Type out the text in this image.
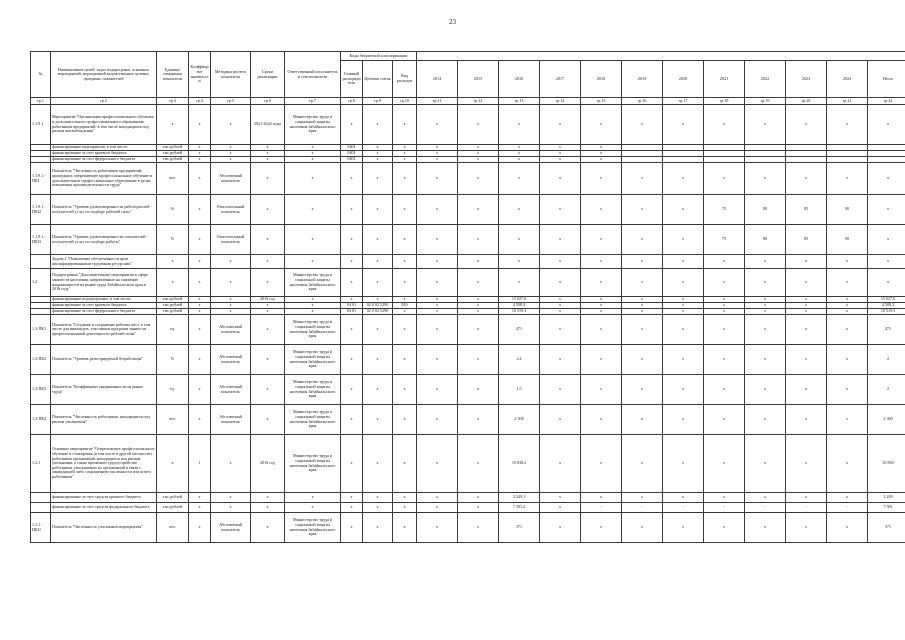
23
№	Наименование целей, задач подпрограмм, основных мероприятий, мероприятий ведомственных целевых программ, показателей	Единица измерения показателя	Коэффициент значимости	Методика расчета показателя	Сроки реализации	Ответственный исполнитель и соисполнители	Коды бюджетной классификации														
							Главный распорядитель	Целевая статья	Вид расходов	2014	2015	2016	2017	2018	2019	2020	2021	2022	2023	2024	Итого
гр.1	гр.2	гр.3	гр.4	гр.5	гр.6	гр.7	гр.8	гр.9	гр.10	гр.11	гр.12	гр.13	гр.14	гр.15	гр.16	гр.17	гр.18	гр.19	гр.20	гр.21	гр.22
1.1.9.1	Мероприятие "Организация профессионального обучения и дополнительного профессионального образования работников предприятий, в том числе находящихся под риском высвобождения"	х	х	х	2021-2024 годы	Министерство труда и социальной защиты населения Забайкальского края	х	х	х	х	х	х	х	х	х	х	х	х	х	х	х
	финансирование мероприятия, в том числе:	тыс.рублей	х	х	х	х	0401	х	х	х	х	х	х	х							
	финансирование за счет краевого бюджета	тыс.рублей	х	х	х	х	0401	х	х	х	х	х	х	х							
	финансирование за счет федерального бюджета	тыс.рублей	х	х	х	х	0401	х	х	х	х	х	х	х							
1.1.9.1.-ПКІ	Показатель "Численность работников предприятий, прошедших опережающее профессиональное обучение и дополнительное профессиональное образование в целях повышения производительности труда"	чел.	х	Абсолютный показатель	х	х	х	х	х	х	х	х	х	х	х	х	х	х	х	х	х
1.1.9.1.-ПКІ2	Показатель "Уровень удовлетворенности работодателей - получателей услуг по подбору рабочей силы"	%	х	Относительный показатель	х	х	х	х	х	х	х	х	х	х	х	х	75	80	85	90	х
1.1.9.1.-ПКІ3	Показатель "Уровень удовлетворенности соискателей - получателей услуг по подбору работы"	%	х	Относительный показатель	х	х	х	х	х	х	х	х	х	х	х	х	75	80	85	90	х
	Задача 2 "Повышение обеспеченности края квалифицированными трудовыми ресурсами"	х	х	х	х	х	х	х	х	х	х	х	х	х	х	х	х	х	х	х	х
1.2	Подпрограмма "Дополнительные мероприятия в сфере занятости населения, направленные на снижение напряженности на рынке труда Забайкальского края в 2016 году"	х	х	х	х	Министерство труда и социальной защиты населения Забайкальского края	х	х	х	х	х	х	х	х	х	х	х	х	х	х	х
	финансирование подпрограммы, в том числе:	тыс.рублей	х	х	2016 год	х	х	х	х	х	х	15 027,6	х	х	х	х	х	х	х	х	15 027,6
	финансирование за счет краевого бюджета	тыс.рублей	х	х	х	х	04 01	02 0 02 5290	810	х	х	4 508,3	х	х	х	х	х	х	х	х	4 508,3
	финансирование за счет федерального бюджета	тыс.рублей	х	х	х	х	04 01	02 0 02 5290	х	х	х	10 519,3	х	х	х	х	х	х	х	х	10 519,3
1.2-ПК1	Показатель "Создание и сохранение рабочих мест, в том числе для инвалидов, участников программ занятости профессиональной деятельности рабочей силы"	ед.	х	Абсолютный показатель	х	Министерство труда и социальной защиты населения Забайкальского края	х	х	х	х	х	471	х	х	х	х	х	х	х	х	471
1.2-ПК2	Показатель "Уровень регистрируемой безработицы"	%	х	Абсолютный показатель	х	Министерство труда и социальной защиты населения Забайкальского края	х	х	х	х	х	2,4	х	х	х	х	х	х	х	х	2
1.2-ПК3	Показатель "Коэффициент напряженности на рынке труда"	ед.	х	Абсолютный показатель	х	Министерство труда и социальной защиты населения Забайкальского края	х	х	х	х	х	1,5	х	х	х	х	х	х	х	х	2
1.2-ПК4	Показатель "Численность работников, находящихся под риском увольнения"	чел.	х	Абсолютный показатель	х	Министерство труда и социальной защиты населения Забайкальского края	х	х	х	х	х	2 300	х	х	х	х	х	х	х	х	2 300
1.2.1	Основное мероприятие "Опережающее профессиональное обучение и стажировка (в том числе в другой местности) работников организаций, находящихся под риском увольнения, а также временное трудоустройство работников, увольняемых из организаций в связи с ликвидацией либо сокращением численности или штата работников"	х	1	х	2016 год	Министерство труда и социальной защиты населения Забайкальского края	х	х	х	х	х	10 830,2	х	х	х	х	х	х	х	х	10 830
	финансирование за счет средств краевого бюджета	тыс.рублей	х	х	х	х	х	х	х	х	х	3 249,1	х	х	х	х	х	х	х	х	3 249
	финансирование за счет средств федерального бюджета	тыс.рублей	х	х	х	х	х	х	х	х	х	7 581,2	х	-	-	-	-	-	-	-	7 581
1.2.1.-ПКІ1	Показатель "Численность участников мероприятия"	чел.	х	Абсолютный показатель	х	Министерство труда и социальной защиты населения Забайкальского края	х	х	х	х	х	371	х	х	х	х	х	х	х	х	371
